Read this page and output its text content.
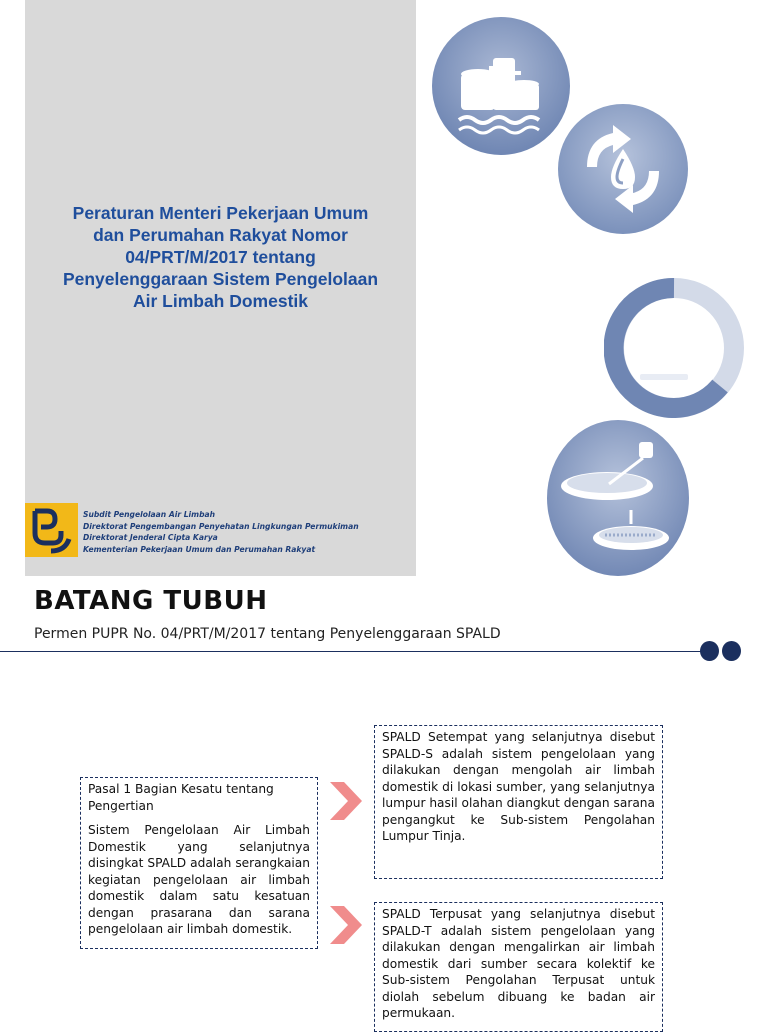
Peraturan Menteri Pekerjaan Umum
dan Perumahan Rakyat Nomor
04/PRT/M/2017 tentang
Penyelenggaraan Sistem Pengelolaan
Air Limbah Domestik
Subdit Pengelolaan Air Limbah
Direktorat Pengembangan Penyehatan Lingkungan Permukiman
Direktorat Jenderal Cipta Karya
Kementerian Pekerjaan Umum dan Perumahan Rakyat
BATANG TUBUH
Permen PUPR No. 04/PRT/M/2017 tentang Penyelenggaraan SPALD

Pasal 1 Bagian Kesatu tentang Pengertian

Sistem Pengelolaan Air Limbah Domestik yang selanjutnya disingkat SPALD adalah serangkaian kegiatan pengelolaan air limbah domestik dalam satu kesatuan dengan prasarana dan sarana pengelolaan air limbah domestik.

SPALD Setempat yang selanjutnya disebut SPALD-S adalah sistem pengelolaan yang dilakukan dengan mengolah air limbah domestik di lokasi sumber, yang selanjutnya lumpur hasil olahan diangkut dengan sarana pengangkut ke Sub-sistem Pengolahan Lumpur Tinja.

SPALD Terpusat yang selanjutnya disebut SPALD-T adalah sistem pengelolaan yang dilakukan dengan mengalirkan air limbah domestik dari sumber secara kolektif ke Sub-sistem Pengolahan Terpusat untuk diolah sebelum dibuang ke badan air permukaan.
